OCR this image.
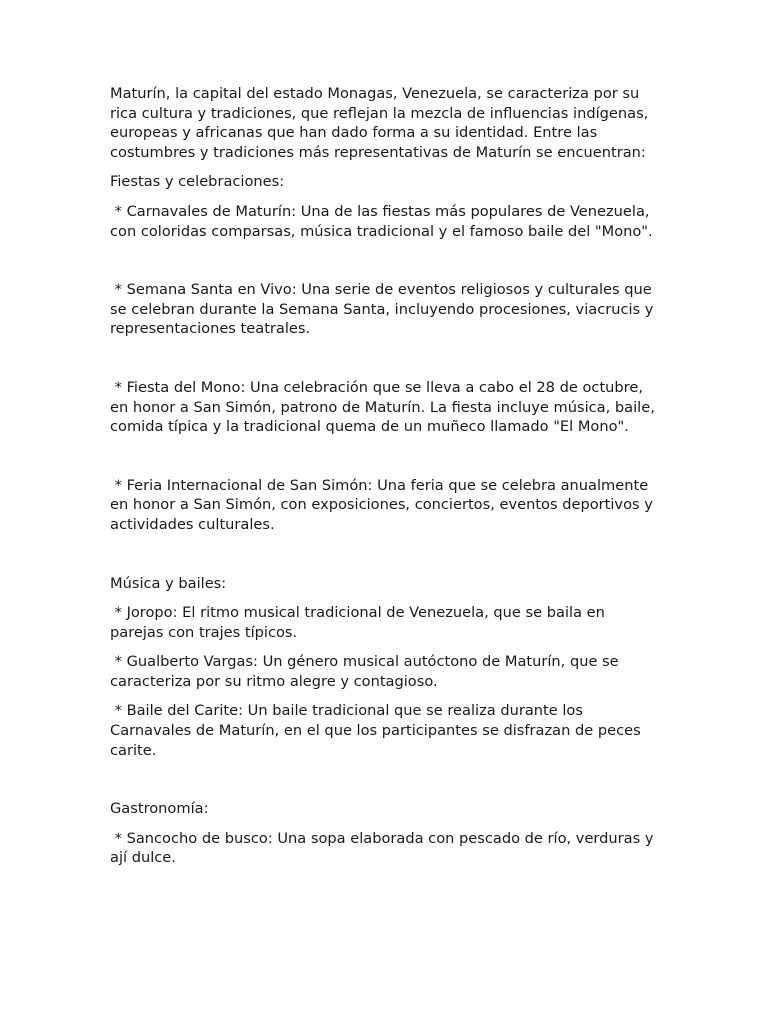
Maturín, la capital del estado Monagas, Venezuela, se caracteriza por su rica cultura y tradiciones, que reflejan la mezcla de influencias indígenas, europeas y africanas que han dado forma a su identidad. Entre las costumbres y tradiciones más representativas de Maturín se encuentran:

Fiestas y celebraciones:

* Carnavales de Maturín: Una de las fiestas más populares de Venezuela, con coloridas comparsas, música tradicional y el famoso baile del "Mono".

* Semana Santa en Vivo: Una serie de eventos religiosos y culturales que se celebran durante la Semana Santa, incluyendo procesiones, viacrucis y representaciones teatrales.

* Fiesta del Mono: Una celebración que se lleva a cabo el 28 de octubre, en honor a San Simón, patrono de Maturín. La fiesta incluye música, baile, comida típica y la tradicional quema de un muñeco llamado "El Mono".

* Feria Internacional de San Simón: Una feria que se celebra anualmente en honor a San Simón, con exposiciones, conciertos, eventos deportivos y actividades culturales.

Música y bailes:

* Joropo: El ritmo musical tradicional de Venezuela, que se baila en parejas con trajes típicos.

* Gualberto Vargas: Un género musical autóctono de Maturín, que se caracteriza por su ritmo alegre y contagioso.

* Baile del Carite: Un baile tradicional que se realiza durante los Carnavales de Maturín, en el que los participantes se disfrazan de peces carite.

Gastronomía:

* Sancocho de busco: Una sopa elaborada con pescado de río, verduras y ají dulce.
